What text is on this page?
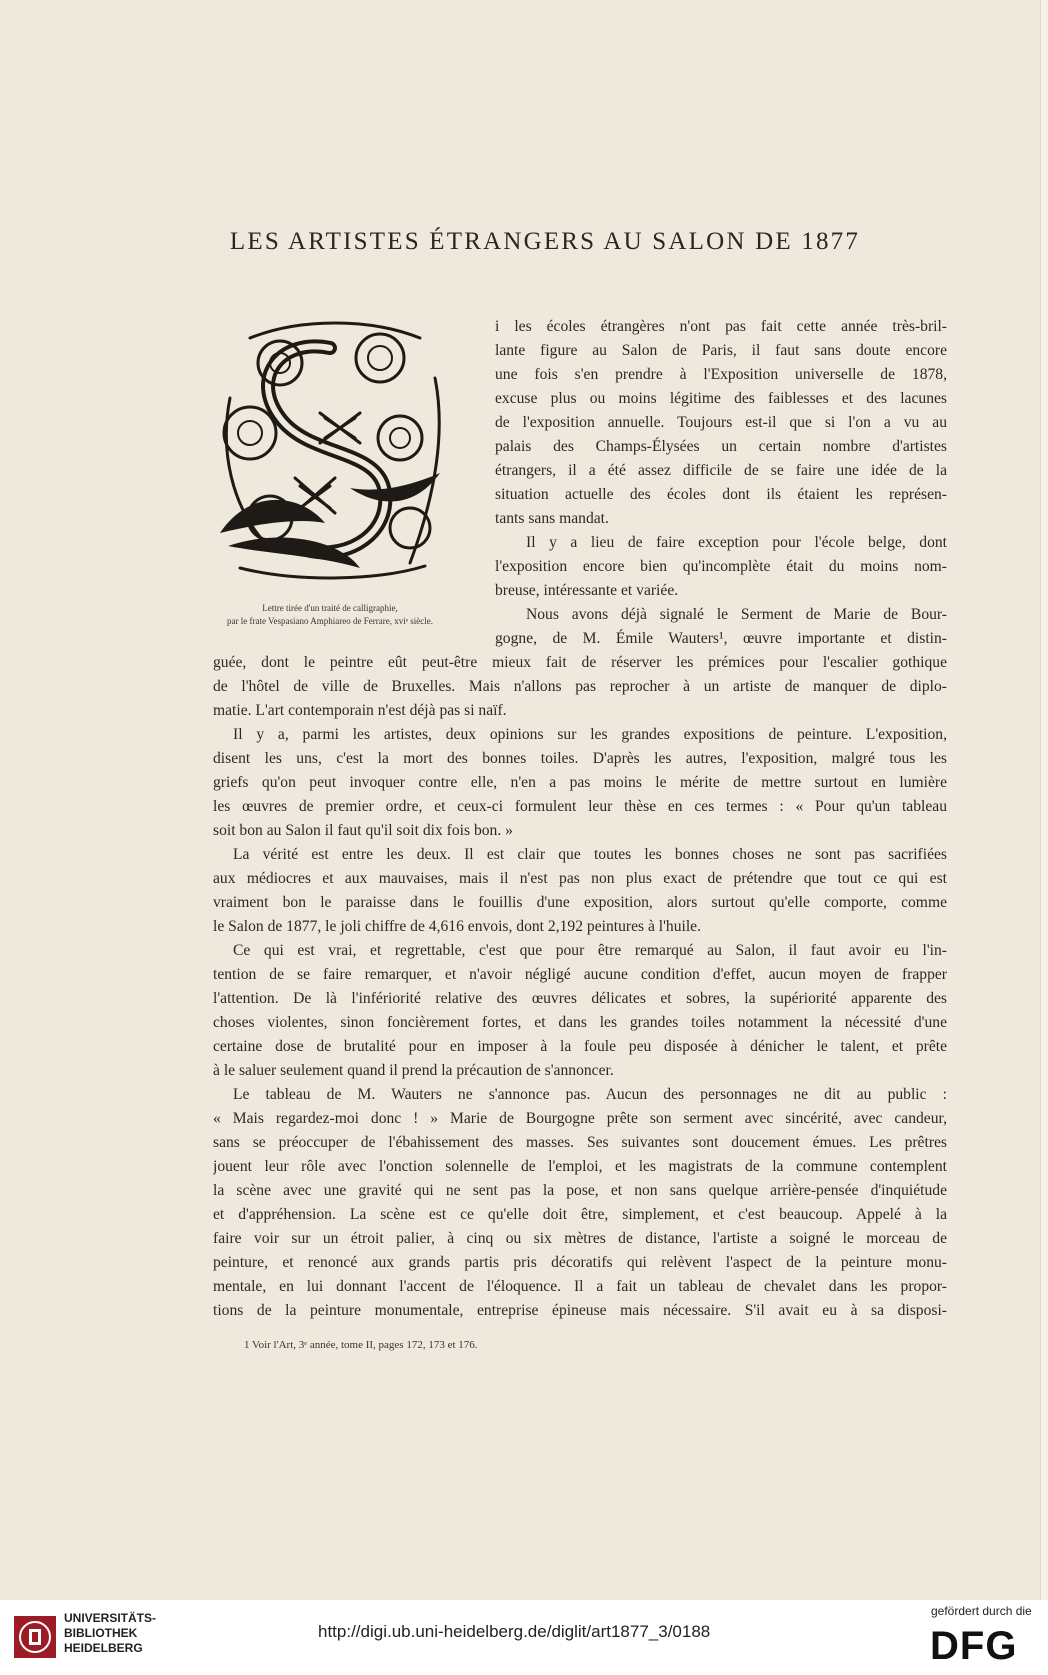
LES ARTISTES ÉTRANGERS AU SALON DE 1877
Lettre tirée d'un traité de calligraphie,
par le frate Vespasiano Amphiareo de Ferrare, xviᵉ siècle.
i les écoles étrangères n'ont pas fait cette année très-bril-
lante figure au Salon de Paris, il faut sans doute encore
une fois s'en prendre à l'Exposition universelle de 1878,
excuse plus ou moins légitime des faiblesses et des lacunes
de l'exposition annuelle. Toujours est-il que si l'on a vu au
palais des Champs-Élysées un certain nombre d'artistes
étrangers, il a été assez difficile de se faire une idée de la
situation actuelle des écoles dont ils étaient les représen-
tants sans mandat.
Il y a lieu de faire exception pour l'école belge, dont
l'exposition encore bien qu'incomplète était du moins nom-
breuse, intéressante et variée.
Nous avons déjà signalé le Serment de Marie de Bour-
gogne, de M. Émile Wauters¹, œuvre importante et distin-
guée, dont le peintre eût peut-être mieux fait de réserver les prémices pour l'escalier gothique
de l'hôtel de ville de Bruxelles. Mais n'allons pas reprocher à un artiste de manquer de diplo-
matie. L'art contemporain n'est déjà pas si naïf.
Il y a, parmi les artistes, deux opinions sur les grandes expositions de peinture. L'exposition,
disent les uns, c'est la mort des bonnes toiles. D'après les autres, l'exposition, malgré tous les
griefs qu'on peut invoquer contre elle, n'en a pas moins le mérite de mettre surtout en lumière
les œuvres de premier ordre, et ceux-ci formulent leur thèse en ces termes : « Pour qu'un tableau
soit bon au Salon il faut qu'il soit dix fois bon. »
La vérité est entre les deux. Il est clair que toutes les bonnes choses ne sont pas sacrifiées
aux médiocres et aux mauvaises, mais il n'est pas non plus exact de prétendre que tout ce qui est
vraiment bon le paraisse dans le fouillis d'une exposition, alors surtout qu'elle comporte, comme
le Salon de 1877, le joli chiffre de 4,616 envois, dont 2,192 peintures à l'huile.
Ce qui est vrai, et regrettable, c'est que pour être remarqué au Salon, il faut avoir eu l'in-
tention de se faire remarquer, et n'avoir négligé aucune condition d'effet, aucun moyen de frapper
l'attention. De là l'infériorité relative des œuvres délicates et sobres, la supériorité apparente des
choses violentes, sinon foncièrement fortes, et dans les grandes toiles notamment la nécessité d'une
certaine dose de brutalité pour en imposer à la foule peu disposée à dénicher le talent, et prête
à le saluer seulement quand il prend la précaution de s'annoncer.
Le tableau de M. Wauters ne s'annonce pas. Aucun des personnages ne dit au public :
« Mais regardez-moi donc ! » Marie de Bourgogne prête son serment avec sincérité, avec candeur,
sans se préoccuper de l'ébahissement des masses. Ses suivantes sont doucement émues. Les prêtres
jouent leur rôle avec l'onction solennelle de l'emploi, et les magistrats de la commune contemplent
la scène avec une gravité qui ne sent pas la pose, et non sans quelque arrière-pensée d'inquiétude
et d'appréhension. La scène est ce qu'elle doit être, simplement, et c'est beaucoup. Appelé à la
faire voir sur un étroit palier, à cinq ou six mètres de distance, l'artiste a soigné le morceau de
peinture, et renoncé aux grands partis pris décoratifs qui relèvent l'aspect de la peinture monu-
mentale, en lui donnant l'accent de l'éloquence. Il a fait un tableau de chevalet dans les propor-
tions de la peinture monumentale, entreprise épineuse mais nécessaire. S'il avait eu à sa disposi-
1 Voir l'Art, 3ᵉ année, tome II, pages 172, 173 et 176.
UNIVERSITÄTS-
BIBLIOTHEK
HEIDELBERG
http://digi.ub.uni-heidelberg.de/diglit/art1877_3/0188
gefördert durch die
DFG
